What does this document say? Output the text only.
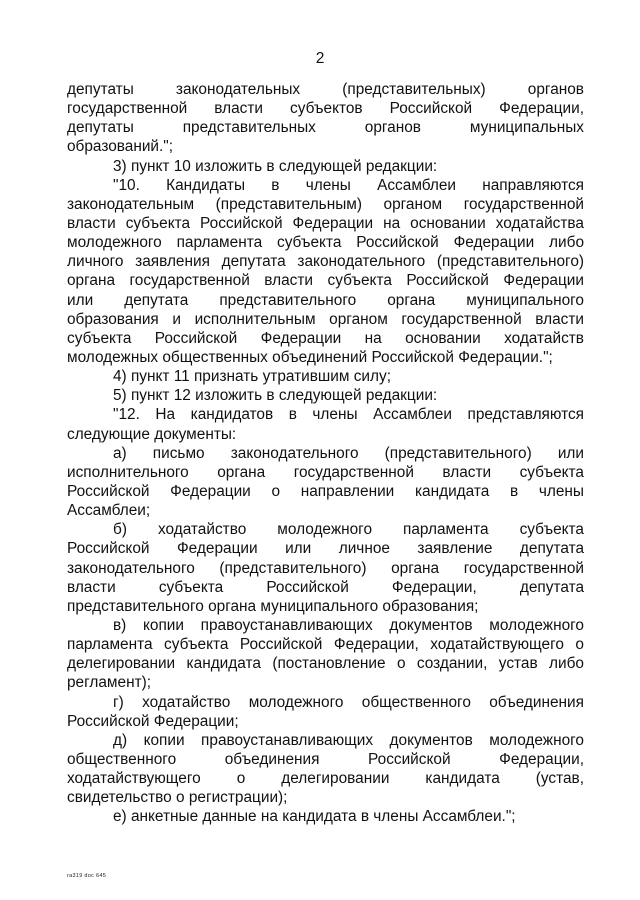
2
депутаты законодательных (представительных) органов
государственной власти субъектов Российской Федерации,
депутаты представительных органов муниципальных
образований.";
3) пункт 10 изложить в следующей редакции:
"10. Кандидаты в члены Ассамблеи направляются
законодательным (представительным) органом государственной
власти субъекта Российской Федерации на основании ходатайства
молодежного парламента субъекта Российской Федерации либо
личного заявления депутата законодательного (представительного)
органа государственной власти субъекта Российской Федерации
или депутата представительного органа муниципального
образования и исполнительным органом государственной власти
субъекта Российской Федерации на основании ходатайств
молодежных общественных объединений Российской Федерации.";
4) пункт 11 признать утратившим силу;
5) пункт 12 изложить в следующей редакции:
"12. На кандидатов в члены Ассамблеи представляются
следующие документы:
а) письмо законодательного (представительного) или
исполнительного органа государственной власти субъекта
Российской Федерации о направлении кандидата в члены
Ассамблеи;
б) ходатайство молодежного парламента субъекта
Российской Федерации или личное заявление депутата
законодательного (представительного) органа государственной
власти субъекта Российской Федерации, депутата
представительного органа муниципального образования;
в) копии правоустанавливающих документов молодежного
парламента субъекта Российской Федерации, ходатайствующего о
делегировании кандидата (постановление о создании, устав либо
регламент);
г) ходатайство молодежного общественного объединения
Российской Федерации;
д) копии правоустанавливающих документов молодежного
общественного объединения Российской Федерации,
ходатайствующего о делегировании кандидата (устав,
свидетельство о регистрации);
е) анкетные данные на кандидата в члены Ассамблеи.";
ra319 doc 645
